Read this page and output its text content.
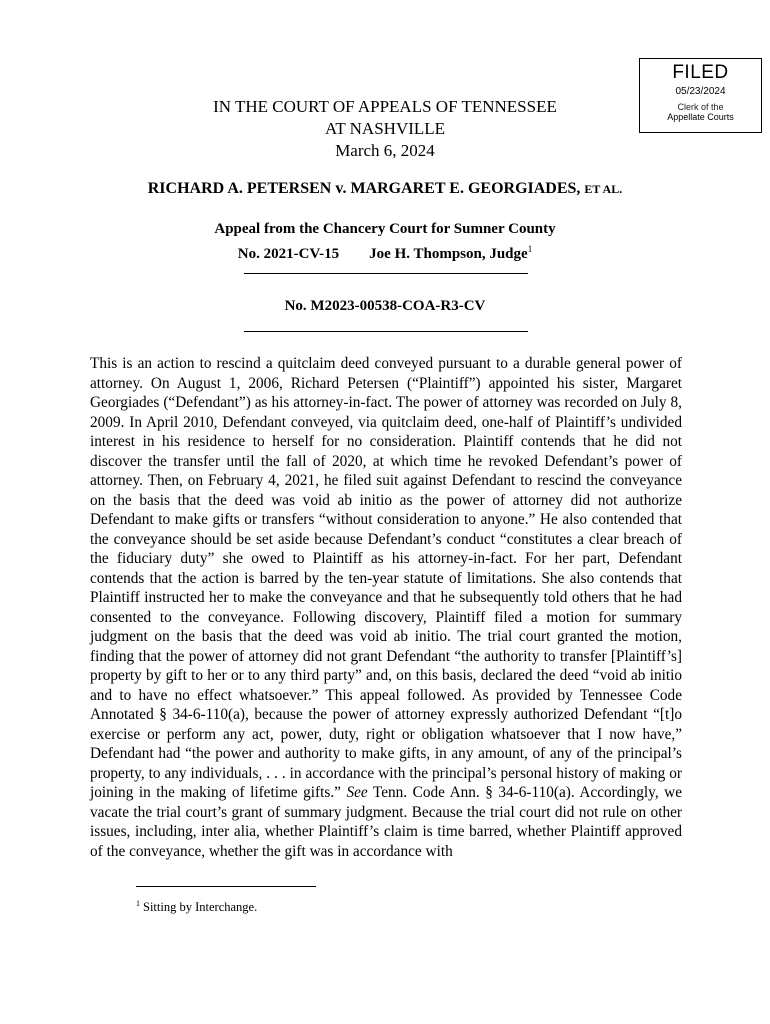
FILED
05/23/2024
Clerk of the
Appellate Courts
IN THE COURT OF APPEALS OF TENNESSEE
AT NASHVILLE
March 6, 2024
RICHARD A. PETERSEN v. MARGARET E. GEORGIADES, ET AL.
Appeal from the Chancery Court for Sumner County
No. 2021-CV-15 Joe H. Thompson, Judge$^1$
No. M2023-00538-COA-R3-CV

This is an action to rescind a quitclaim deed conveyed pursuant to a durable general power of attorney. On August 1, 2006, Richard Petersen (“Plaintiff”) appointed his sister, Margaret Georgiades (“Defendant”) as his attorney-in-fact. The power of attorney was recorded on July 8, 2009. In April 2010, Defendant conveyed, via quitclaim deed, one-half of Plaintiff’s undivided interest in his residence to herself for no consideration. Plaintiff contends that he did not discover the transfer until the fall of 2020, at which time he revoked Defendant’s power of attorney. Then, on February 4, 2021, he filed suit against Defendant to rescind the conveyance on the basis that the deed was void ab initio as the power of attorney did not authorize Defendant to make gifts or transfers “without consideration to anyone.” He also contended that the conveyance should be set aside because Defendant’s conduct “constitutes a clear breach of the fiduciary duty” she owed to Plaintiff as his attorney-in-fact. For her part, Defendant contends that the action is barred by the ten-year statute of limitations. She also contends that Plaintiff instructed her to make the conveyance and that he subsequently told others that he had consented to the conveyance. Following discovery, Plaintiff filed a motion for summary judgment on the basis that the deed was void ab initio. The trial court granted the motion, finding that the power of attorney did not grant Defendant “the authority to transfer [Plaintiff’s] property by gift to her or to any third party” and, on this basis, declared the deed “void ab initio and to have no effect whatsoever.” This appeal followed. As provided by Tennessee Code Annotated § 34-6-110(a), because the power of attorney expressly authorized Defendant “[t]o exercise or perform any act, power, duty, right or obligation whatsoever that I now have,” Defendant had “the power and authority to make gifts, in any amount, of any of the principal’s property, to any individuals, . . . in accordance with the principal’s personal history of making or joining in the making of lifetime gifts.” See Tenn. Code Ann. § 34-6-110(a). Accordingly, we vacate the trial court’s grant of summary judgment. Because the trial court did not rule on other issues, including, inter alia, whether Plaintiff’s claim is time barred, whether Plaintiff approved of the conveyance, whether the gift was in accordance with

$^1$ Sitting by Interchange.
